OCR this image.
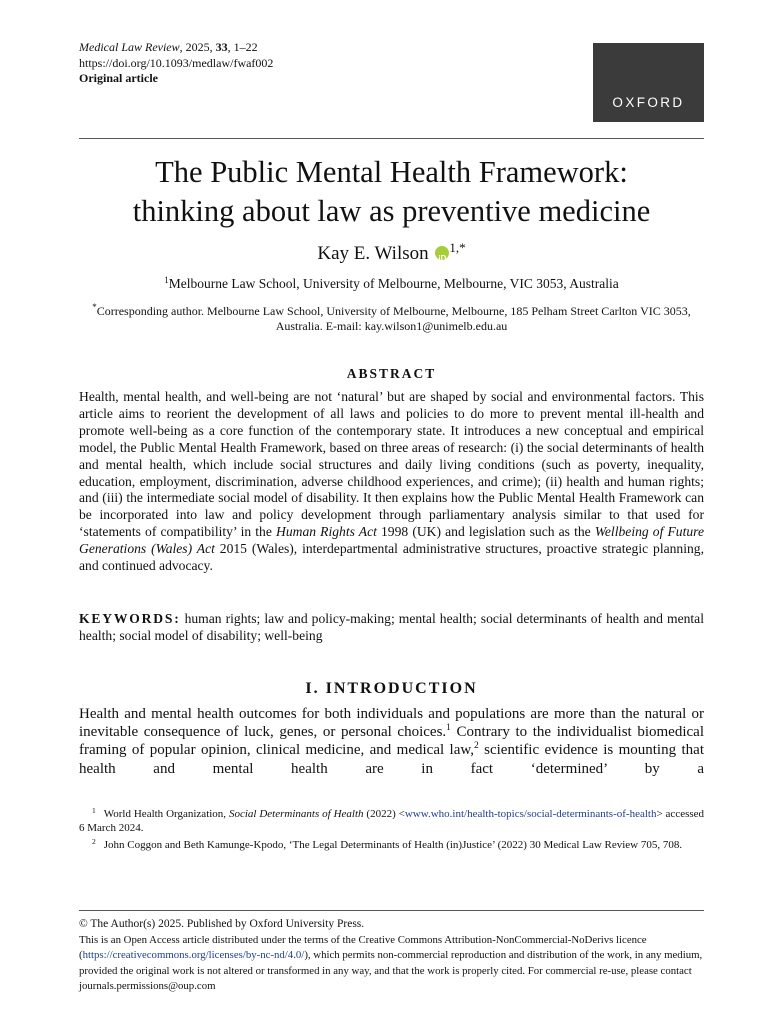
Medical Law Review, 2025, 33, 1–22
https://doi.org/10.1093/medlaw/fwaf002
Original article
OXFORD
The Public Mental Health Framework:
thinking about law as preventive medicine
Kay E. Wilson	iD
$^{1,*}$
$^1$Melbourne Law School, University of Melbourne, Melbourne, VIC 3053, Australia
*Corresponding author. Melbourne Law School, University of Melbourne, Melbourne, 185 Pelham Street Carlton VIC 3053, Australia. E-mail: kay.wilson1@unimelb.edu.au
ABSTRACT
Health, mental health, and well-being are not ‘natural’ but are shaped by social and environmental factors. This article aims to reorient the development of all laws and policies to do more to prevent mental ill-health and promote well-being as a core function of the contemporary state. It introduces a new conceptual and empirical model, the Public Mental Health Framework, based on three areas of research: (i) the social determinants of health and mental health, which include social structures and daily living conditions (such as poverty, inequality, education, employment, discrimination, adverse childhood experiences, and crime); (ii) health and human rights; and (iii) the intermediate social model of disability. It then explains how the Public Mental Health Framework can be incorporated into law and policy development through parliamentary analysis similar to that used for ‘statements of compatibility’ in the Human Rights Act 1998 (UK) and legislation such as the Wellbeing of Future Generations (Wales) Act 2015 (Wales), interdepartmental administrative structures, proactive strategic planning, and continued advocacy.
KEYWORDS: human rights; law and policy-making; mental health; social determinants of health and mental health; social model of disability; well-being
I. INTRODUCTION
Health and mental health outcomes for both individuals and populations are more than the natural or inevitable consequence of luck, genes, or personal choices.$^1$ Contrary to the individualist biomedical framing of popular opinion, clinical medicine, and medical law,$^2$ scientific evidence is mounting that health and mental health are in fact ‘determined’ by a

$^1$ World Health Organization, Social Determinants of Health (2022) <www.who.int/health-topics/social-determinants-of-health> accessed 6 March 2024.

$^2$ John Coggon and Beth Kamunge-Kpodo, ‘The Legal Determinants of Health (in)Justice’ (2022) 30 Medical Law Review 705, 708.

© The Author(s) 2025. Published by Oxford University Press.
This is an Open Access article distributed under the terms of the Creative Commons Attribution-NonCommercial-NoDerivs licence (https://creativecommons.org/licenses/by-nc-nd/4.0/), which permits non-commercial reproduction and distribution of the work, in any medium, provided the original work is not altered or transformed in any way, and that the work is properly cited. For commercial re-use, please contact journals.permissions@oup.com
